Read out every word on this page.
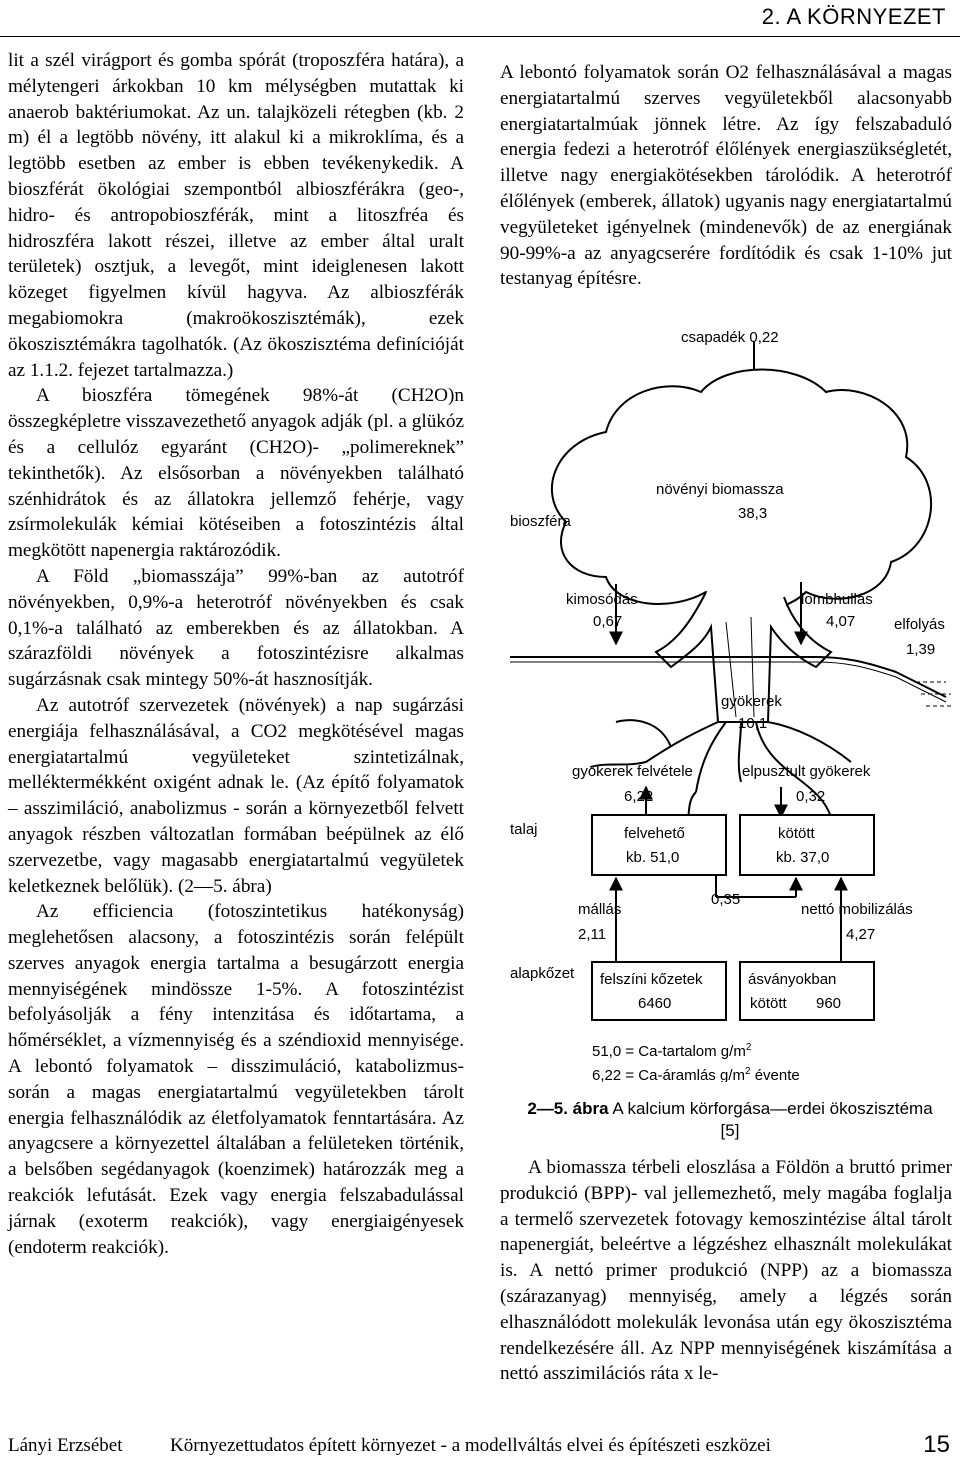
2. A KÖRNYEZET

lit a szél virágport és gomba spórát (troposzféra határa), a mélytengeri árkokban 10 km mélységben mutattak ki anaerob baktériumokat. Az un. talajközeli rétegben (kb. 2 m) él a legtöbb növény, itt alakul ki a mikroklíma, és a legtöbb esetben az ember is ebben tevékenykedik. A bioszférát ökológiai szempontból albioszférákra (geo-, hidro- és antropobioszférák, mint a litoszfréa és hidroszféra lakott részei, illetve az ember által uralt területek) osztjuk, a levegőt, mint ideiglenesen lakott közeget figyelmen kívül hagyva. Az albioszférák megabiomokra (makroökoszisztémák), ezek ökoszisztémákra tagolhatók. (Az ökoszisztéma definícióját az 1.1.2. fejezet tartalmazza.)

A bioszféra tömegének 98%-át (CH2O)n összegképletre visszavezethető anyagok adják (pl. a glükóz és a cellulóz egyaránt (CH2O)- „polimereknek” tekinthetők). Az elsősorban a növényekben található szénhidrátok és az állatokra jellemző fehérje, vagy zsírmolekulák kémiai kötéseiben a fotoszintézis által megkötött napenergia raktározódik.

A Föld „biomasszája” 99%-ban az autotróf növényekben, 0,9%-a heterotróf növényekben és csak 0,1%-a található az emberekben és az állatokban. A szárazföldi növények a fotoszintézisre alkalmas sugárzásnak csak mintegy 50%-át hasznosítják.

Az autotróf szervezetek (növények) a nap sugárzási energiája felhasználásával, a CO2 megkötésével magas energiatartalmú vegyületeket szintetizálnak, melléktermékként oxigént adnak le. (Az építő folyamatok – asszimiláció, anabolizmus - során a környezetből felvett anyagok részben változatlan formában beépülnek az élő szervezetbe, vagy magasabb energiatartalmú vegyületek keletkeznek belőlük). (2—5. ábra)

Az efficiencia (fotoszintetikus hatékonyság) meglehetősen alacsony, a fotoszintézis során felépült szerves anyagok energia tartalma a besugárzott energia mennyiségének mindössze 1-5%. A fotoszintézist befolyásolják a fény intenzitása és időtartama, a hőmérséklet, a vízmennyiség és a széndioxid mennyisége. A lebontó folyamatok – disszimuláció, katabolizmus- során a magas energiatartalmú vegyületekben tárolt energia felhasználódik az életfolyamatok fenntartására. Az anyagcsere a környezettel általában a felületeken történik, a belsőben segédanyagok (koenzimek) határozzák meg a reakciók lefutását. Ezek vagy energia felszabadulással járnak (exoterm reakciók), vagy energiaigényesek (endoterm reakciók).

A lebontó folyamatok során O2 felhasználásával a magas energiatartalmú szerves vegyületekből alacsonyabb energiatartalmúak jönnek létre. Az így felszabaduló energia fedezi a heterotróf élőlények energiaszükségletét, illetve nagy energiakötésekben tárolódik. A heterotróf élőlények (emberek, állatok) ugyanis nagy energiatartalmú vegyületeket igényelnek (mindenevők) de az energiának 90-99%-a az anyagcserére fordítódik és csak 1-10% jut testanyag építésre.

csapadék 0,22
növényi biomassza
38,3
bioszféra
kimosódás
0,67
lombhullás
4,07	elfolyás
1,39
gyökerek
10,1
gyökerek felvétele
6,22
elpusztult gyökerek
0,32
talaj	felvehető
kb. 51,0
kötött
kb. 37,0
0,35
mállás
2,11
nettó mobilizálás
4,27
alapkőzet felszíni kőzetek
6460
ásványokban
kötött 960
51,0 = Ca-tartalom $g/m^2$
6,22 = Ca-áramlás $g/m^2$ évente
2—5. ábra A kalcium körforgása—erdei ökoszisztéma [5]

A biomassza térbeli eloszlása a Földön a bruttó primer produkció (BPP)- val jellemezhető, mely magába foglalja a termelő szervezetek fotovagy kemoszintézise által tárolt napenergiát, beleértve a légzéshez elhasznált molekulákat is. A nettó primer produkció (NPP) az a biomassza (szárazanyag) mennyiség, amely a légzés során elhasználódott molekulák levonása után egy ökoszisztéma rendelkezésére áll. Az NPP mennyiségének kiszámítása a nettó asszimilációs ráta x le-

Lányi Erzsébet	Környezettudatos épített környezet - a modellváltás elvei és építészeti eszközei	15
